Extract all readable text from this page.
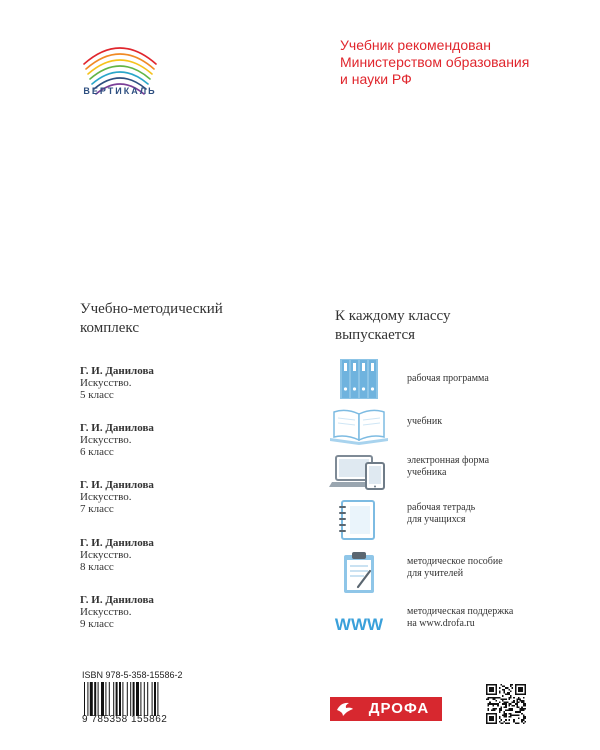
ВЕРТИКАЛЬ
Учебник рекомендован
Министерством образования
и науки РФ
Учебно-методический
комплекс
Г. И. Данилова
Искусство.
5 класс
Г. И. Данилова
Искусство.
6 класс
Г. И. Данилова
Искусство.
7 класс
Г. И. Данилова
Искусство.
8 класс
Г. И. Данилова
Искусство.
9 класс
К каждому классу
выпускается
рабочая программа
учебник
электронная форма
учебника
рабочая тетрадь
для учащихся
методическое пособие
для учителей
WWW
методическая поддержка
на www.drofa.ru
ISBN 978-5-358-15586-2
9 785358 155862
ДРОФА
